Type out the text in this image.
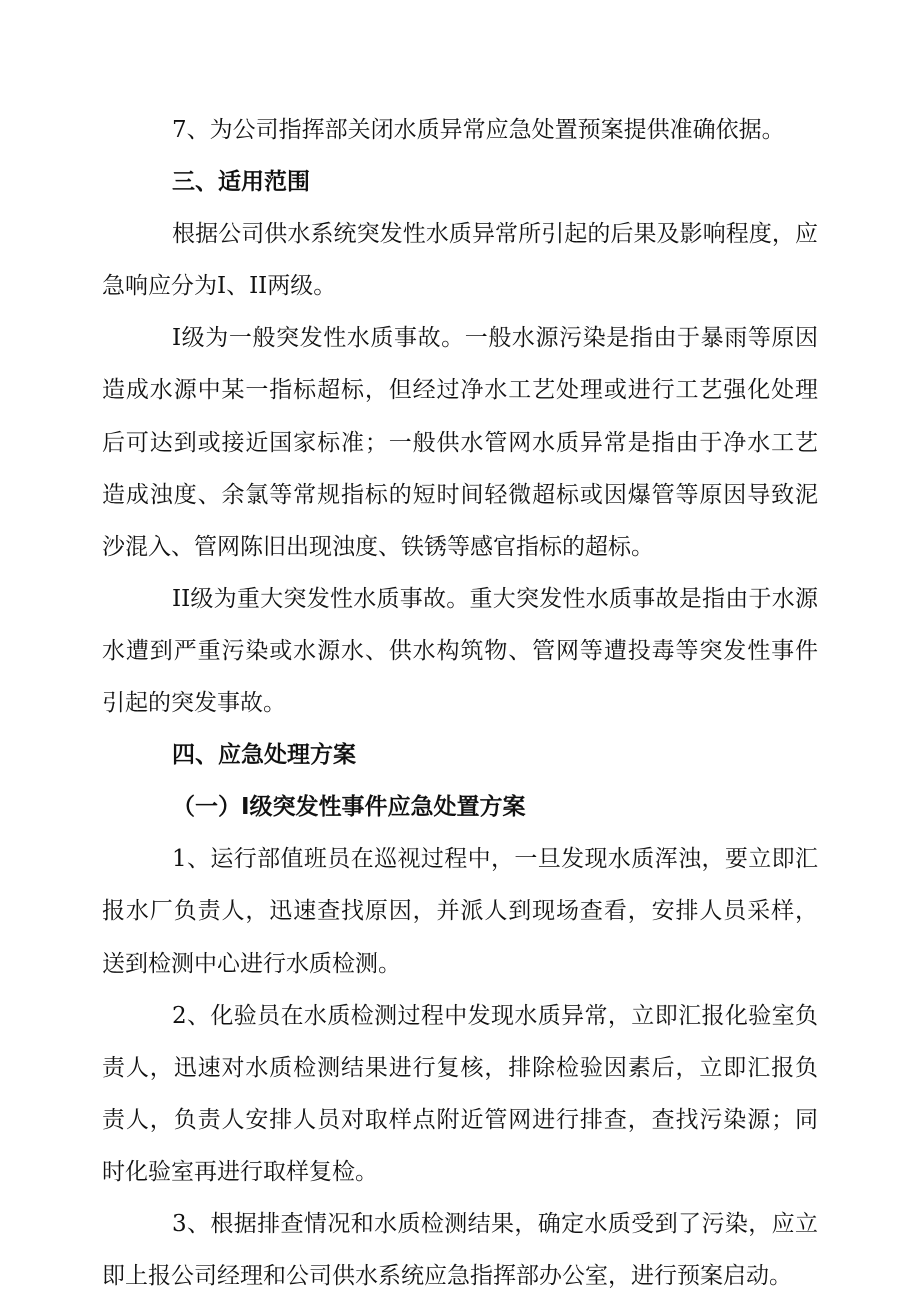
7、为公司指挥部关闭水质异常应急处置预案提供准确依据。
三、适用范围
根据公司供水系统突发性水质异常所引起的后果及影响程度，应
急响应分为I、II两级。
I级为一般突发性水质事故。一般水源污染是指由于暴雨等原因
造成水源中某一指标超标，但经过净水工艺处理或进行工艺强化处理
后可达到或接近国家标准；一般供水管网水质异常是指由于净水工艺
造成浊度、余氯等常规指标的短时间轻微超标或因爆管等原因导致泥
沙混入、管网陈旧出现浊度、铁锈等感官指标的超标。
II级为重大突发性水质事故。重大突发性水质事故是指由于水源
水遭到严重污染或水源水、供水构筑物、管网等遭投毒等突发性事件
引起的突发事故。
四、应急处理方案
（一）I级突发性事件应急处置方案
1、运行部值班员在巡视过程中，一旦发现水质浑浊，要立即汇
报水厂负责人，迅速查找原因，并派人到现场查看，安排人员采样，
送到检测中心进行水质检测。
2、化验员在水质检测过程中发现水质异常，立即汇报化验室负
责人，迅速对水质检测结果进行复核，排除检验因素后，立即汇报负
责人，负责人安排人员对取样点附近管网进行排查，查找污染源；同
时化验室再进行取样复检。
3、根据排查情况和水质检测结果，确定水质受到了污染，应立
即上报公司经理和公司供水系统应急指挥部办公室，进行预案启动。
